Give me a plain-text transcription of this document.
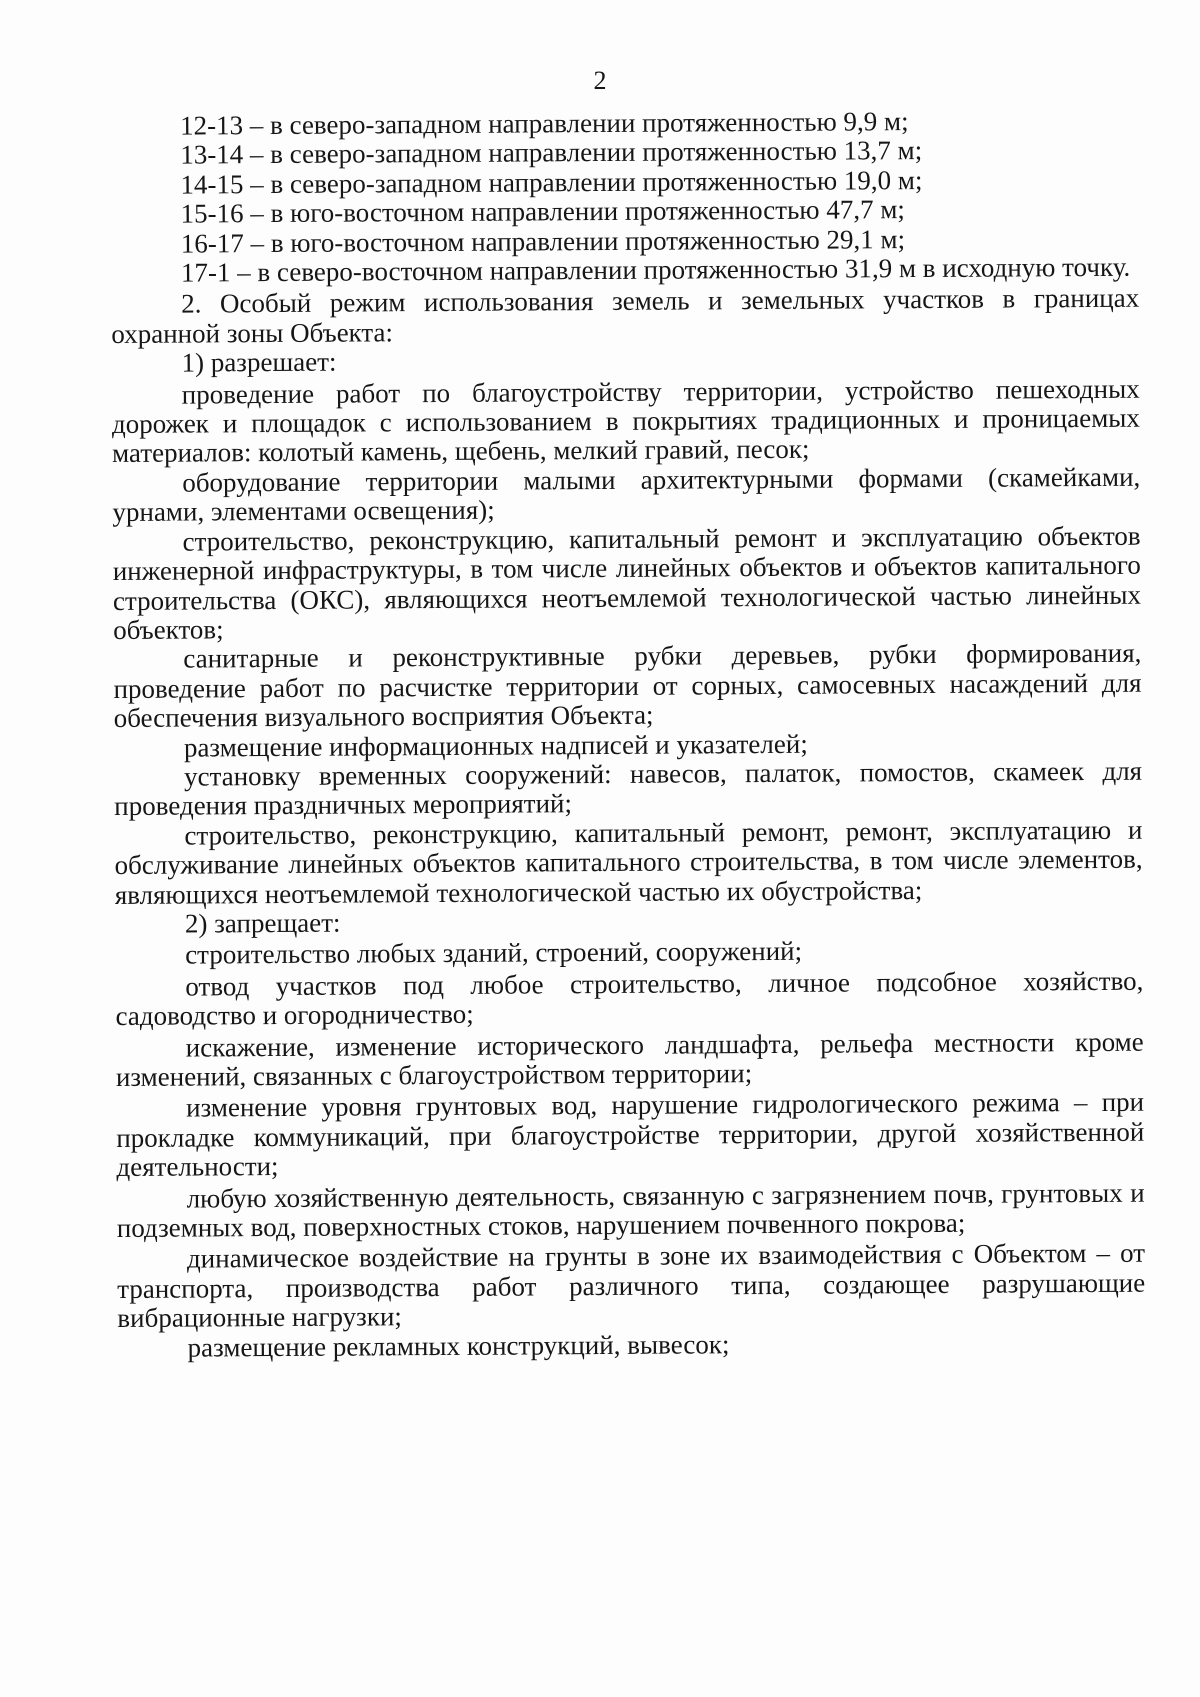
2

12-13 – в северо-западном направлении протяженностью 9,9 м;

13-14 – в северо-западном направлении протяженностью 13,7 м;

14-15 – в северо-западном направлении протяженностью 19,0 м;

15-16 – в юго-восточном направлении протяженностью 47,7 м;

16-17 – в юго-восточном направлении протяженностью 29,1 м;

17-1 – в северо-восточном направлении протяженностью 31,9 м в исходную точку.

2. Особый режим использования земель и земельных участков в границах охранной зоны Объекта:

1) разрешает:

проведение работ по благоустройству территории, устройство пешеходных дорожек и площадок с использованием в покрытиях традиционных и проницаемых материалов: колотый камень, щебень, мелкий гравий, песок;

оборудование территории малыми архитектурными формами (скамейками, урнами, элементами освещения);

строительство, реконструкцию, капитальный ремонт и эксплуатацию объектов инженерной инфраструктуры, в том числе линейных объектов и объектов капитального строительства (ОКС), являющихся неотъемлемой технологической частью линейных объектов;

санитарные и реконструктивные рубки деревьев, рубки формирования, проведение работ по расчистке территории от сорных, самосевных насаждений для обеспечения визуального восприятия Объекта;

размещение информационных надписей и указателей;

установку временных сооружений: навесов, палаток, помостов, скамеек для проведения праздничных мероприятий;

строительство, реконструкцию, капитальный ремонт, ремонт, эксплуатацию и обслуживание линейных объектов капитального строительства, в том числе элементов, являющихся неотъемлемой технологической частью их обустройства;

2) запрещает:

строительство любых зданий, строений, сооружений;

отвод участков под любое строительство, личное подсобное хозяйство, садоводство и огородничество;

искажение, изменение исторического ландшафта, рельефа местности кроме изменений, связанных с благоустройством территории;

изменение уровня грунтовых вод, нарушение гидрологического режима – при прокладке коммуникаций, при благоустройстве территории, другой хозяйственной деятельности;

любую хозяйственную деятельность, связанную с загрязнением почв, грунтовых и подземных вод, поверхностных стоков, нарушением почвенного покрова;

динамическое воздействие на грунты в зоне их взаимодействия с Объектом – от транспорта, производства работ различного типа, создающее разрушающие вибрационные нагрузки;

размещение рекламных конструкций, вывесок;
